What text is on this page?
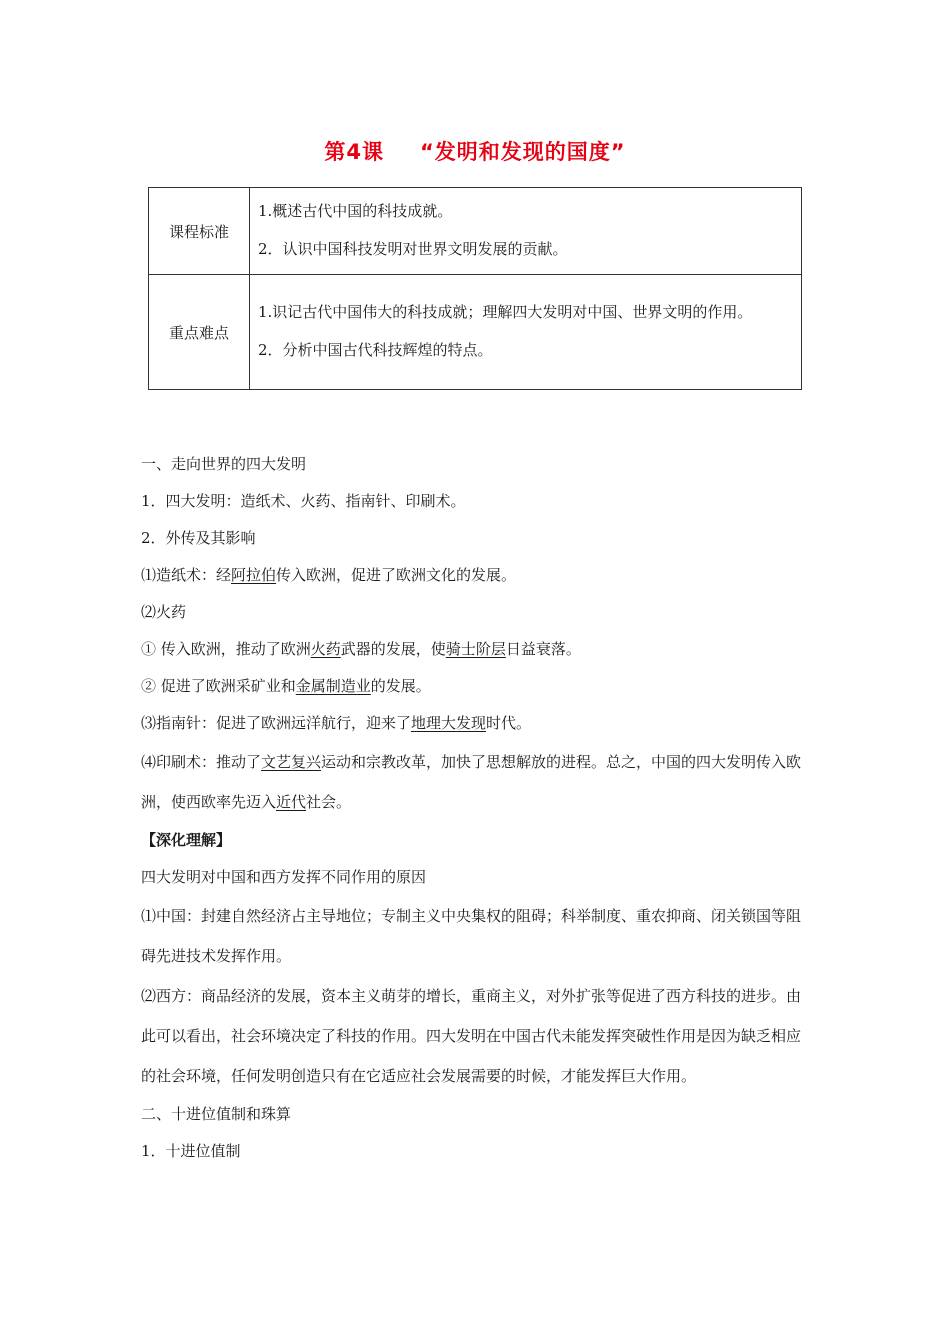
第4课 “发明和发现的国度”
课程标准	1.概述古代中国的科技成就。

2．认识中国科技发明对世界文明发展的贡献。

重点难点	1.识记古代中国伟大的科技成就；理解四大发明对中国、世界文明的作用。

2．分析中国古代科技辉煌的特点。

一、走向世界的四大发明

1．四大发明：造纸术、火药、指南针、印刷术。

2．外传及其影响

⑴造纸术：经阿拉伯传入欧洲，促进了欧洲文化的发展。

⑵火药

① 传入欧洲，推动了欧洲火药武器的发展，使骑士阶层日益衰落。

② 促进了欧洲采矿业和金属制造业的发展。

⑶指南针：促进了欧洲远洋航行，迎来了地理大发现时代。

⑷印刷术：推动了文艺复兴运动和宗教改革，加快了思想解放的进程。总之，中国的四大发明传入欧洲，使西欧率先迈入近代社会。

【深化理解】

四大发明对中国和西方发挥不同作用的原因

⑴中国：封建自然经济占主导地位；专制主义中央集权的阻碍；科举制度、重农抑商、闭关锁国等阻碍先进技术发挥作用。

⑵西方：商品经济的发展，资本主义萌芽的增长，重商主义，对外扩张等促进了西方科技的进步。由此可以看出，社会环境决定了科技的作用。四大发明在中国古代未能发挥突破性作用是因为缺乏相应的社会环境，任何发明创造只有在它适应社会发展需要的时候，才能发挥巨大作用。

二、十进位值制和珠算

1．十进位值制
